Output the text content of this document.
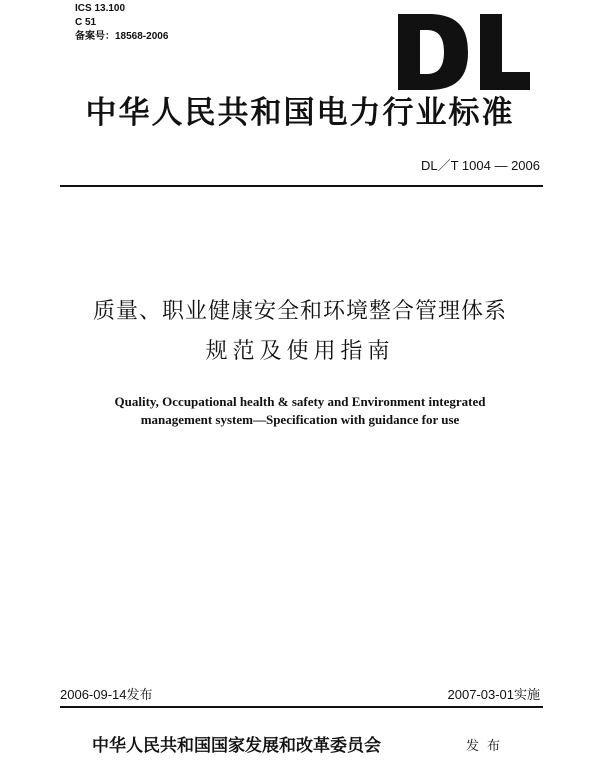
ICS 13.100
C 51
备案号：18568-2006
中华人民共和国电力行业标准
DL／T 1004 — 2006
质量、职业健康安全和环境整合管理体系
规范及使用指南
Quality, Occupational health & safety and Environment integrated
management system—Specification with guidance for use
2006-09-14发布	2007-03-01实施
中华人民共和国国家发展和改革委员会	发布
